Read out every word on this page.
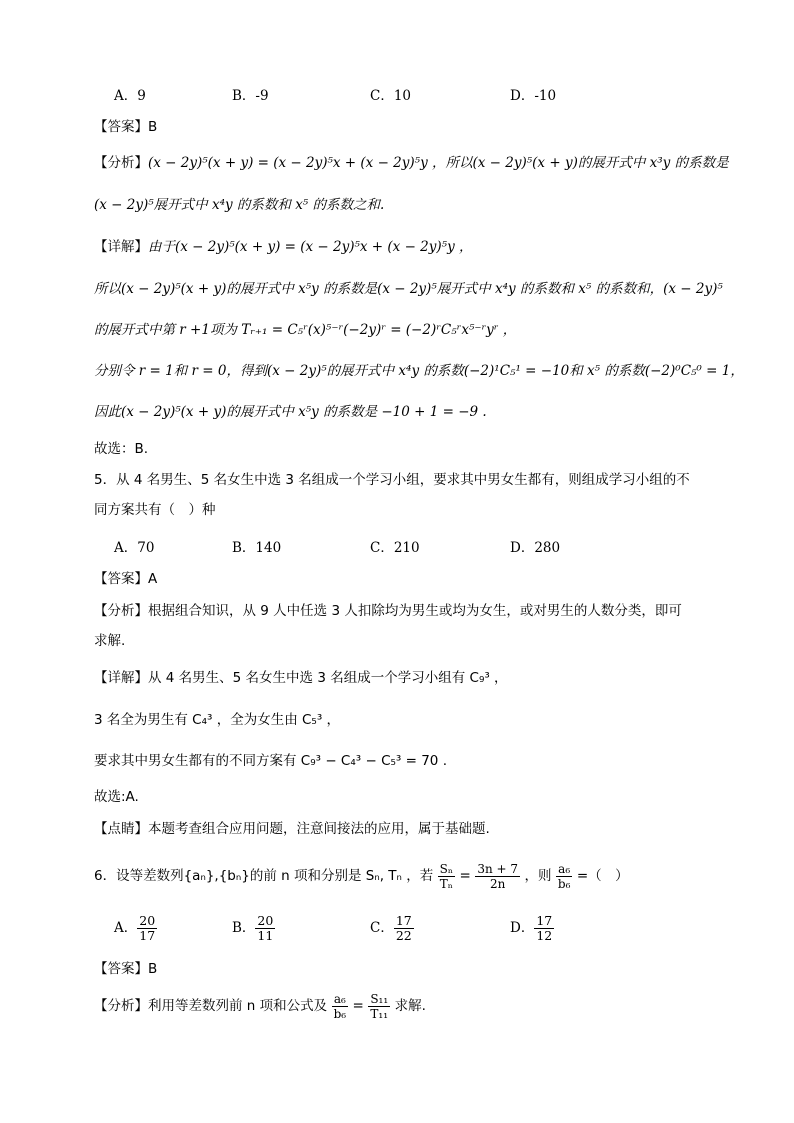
A．9	B．-9	C．10	D．-10
【答案】B
【分析】(x − 2y)⁵(x + y) = (x − 2y)⁵x + (x − 2y)⁵y ，所以(x − 2y)⁵(x + y)的展开式中 x³y 的系数是
(x − 2y)⁵展开式中 x⁴y 的系数和 x⁵ 的系数之和.
【详解】由于(x − 2y)⁵(x + y) = (x − 2y)⁵x + (x − 2y)⁵y ，
所以(x − 2y)⁵(x + y)的展开式中 x⁵y 的系数是(x − 2y)⁵展开式中 x⁴y 的系数和 x⁵ 的系数和，(x − 2y)⁵
的展开式中第 r +1项为 Tᵣ₊₁ = C₅ʳ(x)⁵⁻ʳ(−2y)ʳ = (−2)ʳC₅ʳx⁵⁻ʳyʳ ，
分别令 r = 1和 r = 0，得到(x − 2y)⁵的展开式中 x⁴y 的系数(−2)¹C₅¹ = −10和 x⁵ 的系数(−2)⁰C₅⁰ = 1，
因此(x − 2y)⁵(x + y)的展开式中 x⁵y 的系数是 −10 + 1 = −9 .
故选：B.
5．从 4 名男生、5 名女生中选 3 名组成一个学习小组，要求其中男女生都有，则组成学习小组的不
同方案共有（　）种
A．70	B．140	C．210	D．280
【答案】A
【分析】根据组合知识，从 9 人中任选 3 人扣除均为男生或均为女生，或对男生的人数分类，即可
求解.
【详解】从 4 名男生、5 名女生中选 3 名组成一个学习小组有 C₉³ ，
3 名全为男生有 C₄³ ，全为女生由 C₅³ ，
要求其中男女生都有的不同方案有 C₉³ − C₄³ − C₅³ = 70 .
故选:A.
【点睛】本题考查组合应用问题，注意间接法的应用，属于基础题.
6．设等差数列{aₙ},{bₙ}的前 n 项和分别是 Sₙ, Tₙ ，若 $\frac{\text{Sₙ}}{\text{Tₙ}} = \frac{3n + 7}{2n}$ ，则 $\frac{\text{a₆}}{\text{b₆}}$ =（　）
A． $\frac{20}{17}$	B． $\frac{20}{11}$	C． $\frac{17}{22}$	D． $\frac{17}{12}$
【答案】B
【分析】利用等差数列前 n 项和公式及 $\frac{\text{a₆}}{\text{b₆}} = \frac{\text{S₁₁}}{\text{T₁₁}}$ 求解.
